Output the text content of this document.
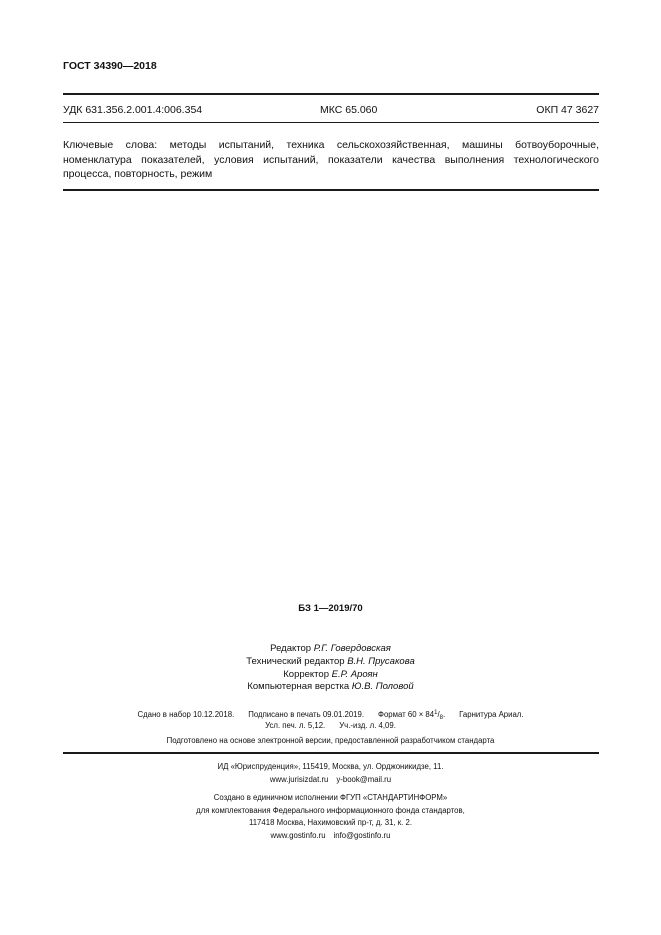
ГОСТ 34390—2018
УДК 631.356.2.001.4:006.354	МКС 65.060	ОКП 47 3627
Ключевые слова: методы испытаний, техника сельскохозяйственная, машины ботвоуборочные, номенклатура показателей, условия испытаний, показатели качества выполнения технологического процесса, повторность, режим
БЗ 1—2019/70
Редактор Р.Г. Говердовская
Технический редактор В.Н. Прусакова
Корректор Е.Р. Ароян
Компьютерная верстка Ю.В. Половой
Сдано в набор 10.12.2018. Подписано в печать 09.01.2019. Формат $60 \times 84^1/_8$. Гарнитура Ариал.
Усл. печ. л. 5,12. Уч.-изд. л. 4,09.
Подготовлено на основе электронной версии, предоставленной разработчиком стандарта
ИД «Юриспруденция», 115419, Москва, ул. Орджоникидзе, 11.
www.jurisizdat.ru y-book@mail.ru
Создано в единичном исполнении ФГУП «СТАНДАРТИНФОРМ»
для комплектования Федерального информационного фонда стандартов,
117418 Москва, Нахимовский пр-т, д. 31, к. 2.
www.gostinfo.ru info@gostinfo.ru
